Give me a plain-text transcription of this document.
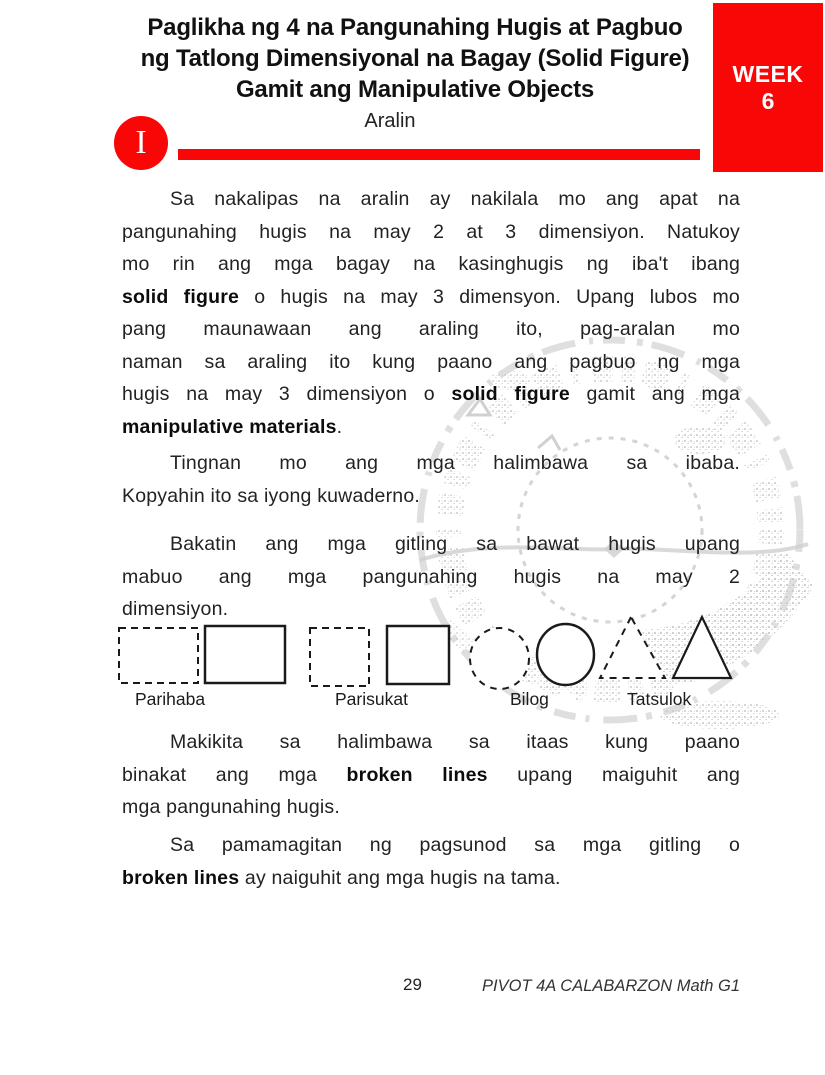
WEEK
6
Paglikha ng 4 na Pangunahing Hugis at Pagbuo
ng Tatlong Dimensiyonal na Bagay (Solid Figure)
Gamit ang Manipulative Objects
Aralin
I
Sa nakalipas na aralin ay nakilala mo ang apat na
pangunahing hugis na may 2 at 3 dimensiyon. Natukoy
mo rin ang mga bagay na kasinghugis ng iba't ibang
solid figure o hugis na may 3 dimensyon. Upang lubos mo
pang maunawaan ang araling ito, pag-aralan mo
naman sa araling ito kung paano ang pagbuo ng mga
hugis na may 3 dimensiyon o solid figure gamit ang mga
manipulative materials.
Tingnan mo ang mga halimbawa sa ibaba.
Kopyahin ito sa iyong kuwaderno.
Bakatin ang mga gitling sa bawat hugis upang
mabuo ang mga pangunahing hugis na may 2
dimensiyon.
Makikita sa halimbawa sa itaas kung paano
binakat ang mga broken lines upang maiguhit ang
mga pangunahing hugis.
Sa pamamagitan ng pagsunod sa mga gitling o
broken lines ay naiguhit ang mga hugis na tama.
Parihaba	Parisukat	Bilog	Tatsulok
29	PIVOT 4A CALABARZON Math G1
